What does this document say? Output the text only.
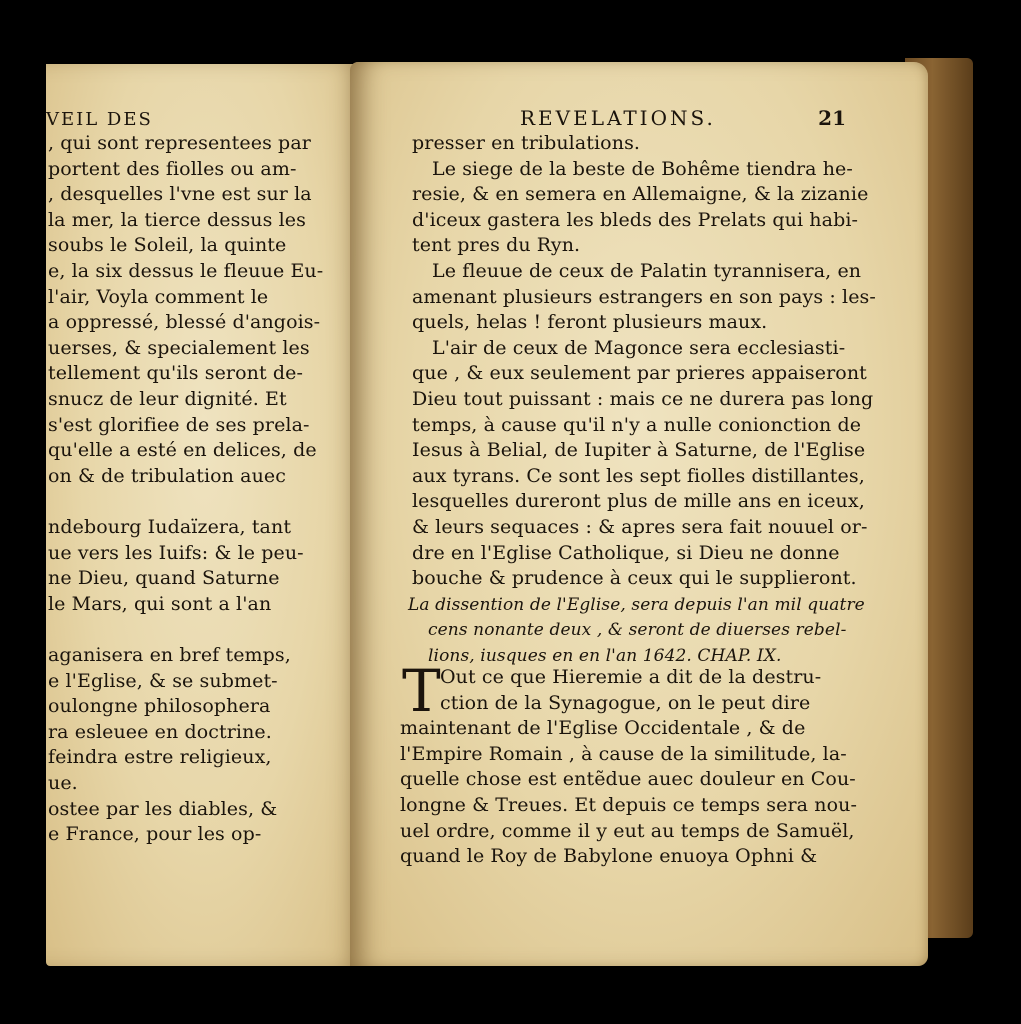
VEIL DES
, qui sont representees par
portent des fiolles ou am-
, desquelles l'vne est sur la
la mer, la tierce dessus les
soubs le Soleil, la quinte
e, la six dessus le fleuue Eu-
l'air, Voyla comment le
a oppressé, blessé d'angois-
uerses, & specialement les
tellement qu'ils seront de-
snucz de leur dignité. Et
s'est glorifiee de ses prela-
qu'elle a esté en delices, de
on & de tribulation auec
ndebourg Iudaïzera, tant
ue vers les Iuifs: & le peu-
ne Dieu, quand Saturne
le Mars, qui sont a l'an
aganisera en bref temps,
e l'Eglise, & se submet-
oulongne philosophera
ra esleuee en doctrine.
feindra estre religieux,
ue.
ostee par les diables, &
e France, pour les op-
REVELATIONS.	21
presser en tribulations.
Le siege de la beste de Bohême tiendra he-
resie, & en semera en Allemaigne, & la zizanie
d'iceux gastera les bleds des Prelats qui habi-
tent pres du Ryn.
Le fleuue de ceux de Palatin tyrannisera, en
amenant plusieurs estrangers en son pays : les-
quels, helas ! feront plusieurs maux.
L'air de ceux de Magonce sera ecclesiasti-
que , & eux seulement par prieres appaiseront
Dieu tout puissant : mais ce ne durera pas long
temps, à cause qu'il n'y a nulle conionction de
Iesus à Belial, de Iupiter à Saturne, de l'Eglise
aux tyrans. Ce sont les sept fiolles distillantes,
lesquelles dureront plus de mille ans en iceux,
& leurs sequaces : & apres sera fait nouuel or-
dre en l'Eglise Catholique, si Dieu ne donne
bouche & prudence à ceux qui le supplieront.
La dissention de l'Eglise, sera depuis l'an mil quatre
cens nonante deux , & seront de diuerses rebel-
lions, iusques en en l'an 1642. CHAP. IX.
T Out ce que Hieremie a dit de la destru-
ction de la Synagogue, on le peut dire
maintenant de l'Eglise Occidentale , & de
l'Empire Romain , à cause de la similitude, la-
quelle chose est entẽdue auec douleur en Cou-
longne & Treues. Et depuis ce temps sera nou-
uel ordre, comme il y eut au temps de Samuël,
quand le Roy de Babylone enuoya Ophni &
